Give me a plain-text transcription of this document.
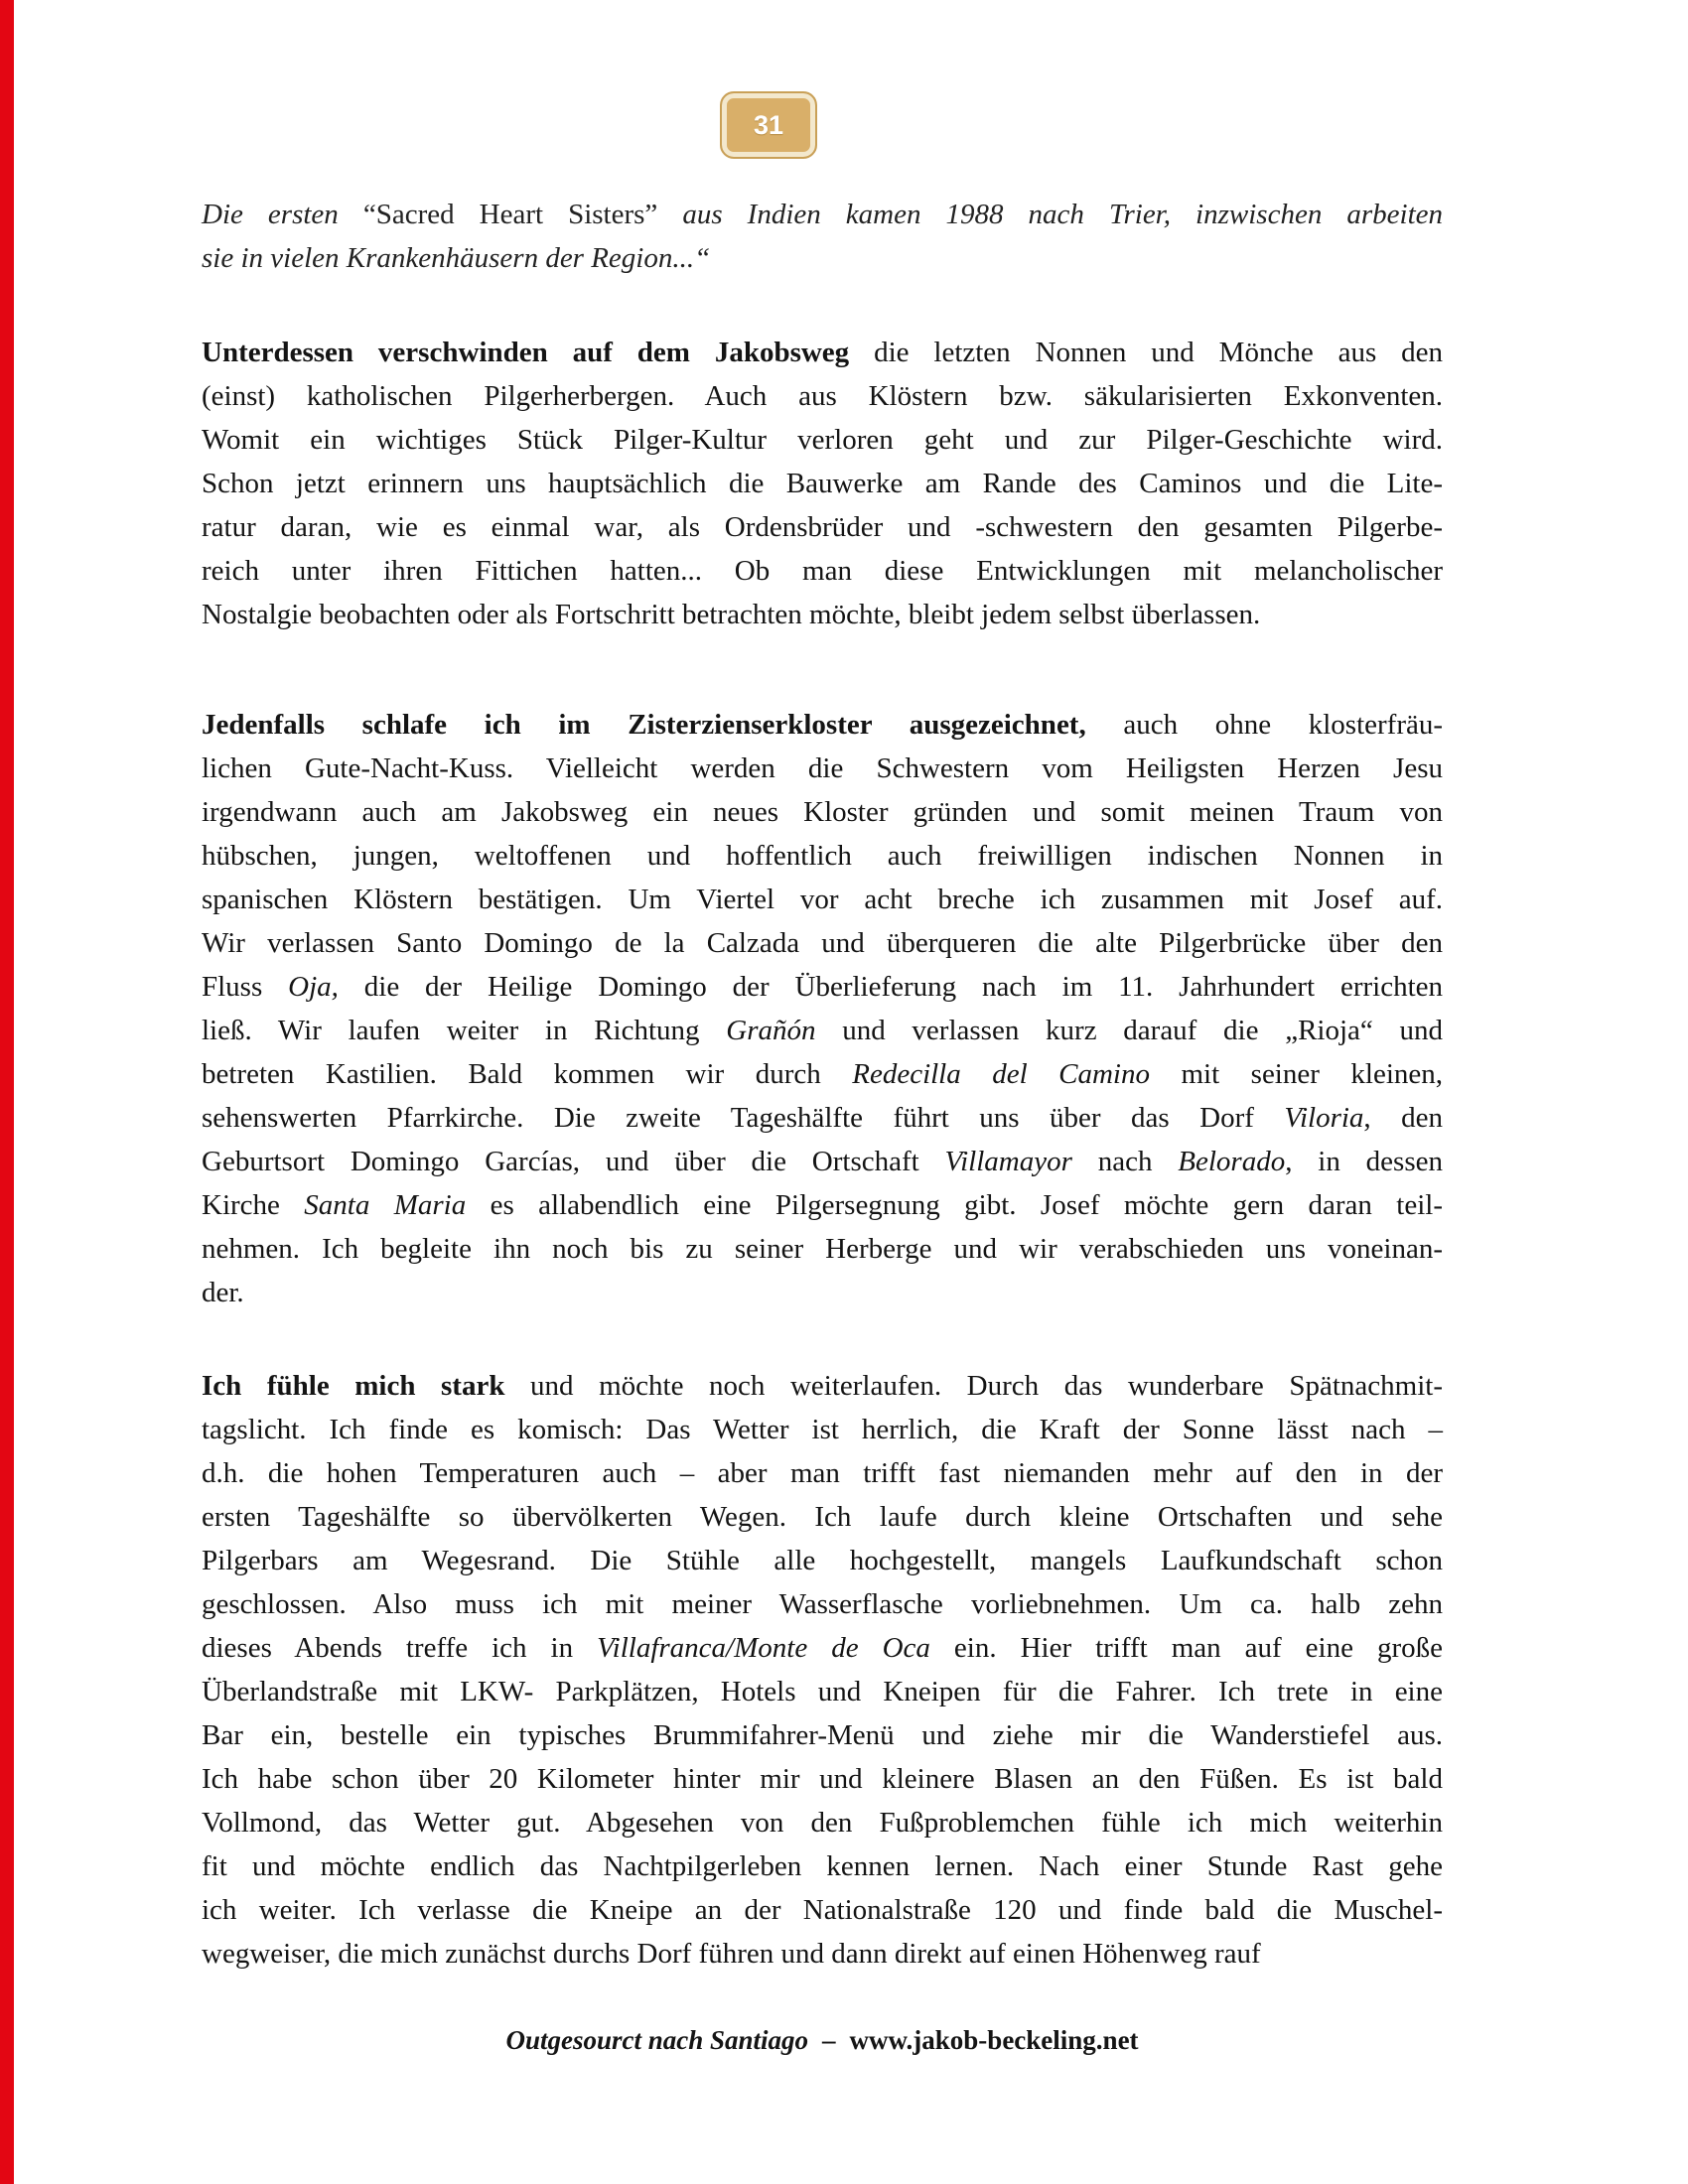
31
Die ersten “Sacred Heart Sisters” aus Indien kamen 1988 nach Trier, inzwischen arbeiten
sie in vielen Krankenhäusern der Region...“
Unterdessen verschwinden auf dem Jakobsweg die letzten Nonnen und Mönche aus den
(einst) katholischen Pilgerherbergen. Auch aus Klöstern bzw. säkularisierten Exkonventen.
Womit ein wichtiges Stück Pilger-Kultur verloren geht und zur Pilger-Geschichte wird.
Schon jetzt erinnern uns hauptsächlich die Bauwerke am Rande des Caminos und die Lite-
ratur daran, wie es einmal war, als Ordensbrüder und -schwestern den gesamten Pilgerbe-
reich unter ihren Fittichen hatten... Ob man diese Entwicklungen mit melancholischer
Nostalgie beobachten oder als Fortschritt betrachten möchte, bleibt jedem selbst überlassen.
Jedenfalls schlafe ich im Zisterzienserkloster ausgezeichnet, auch ohne klosterfräu-
lichen Gute-Nacht-Kuss. Vielleicht werden die Schwestern vom Heiligsten Herzen Jesu
irgendwann auch am Jakobsweg ein neues Kloster gründen und somit meinen Traum von
hübschen, jungen, weltoffenen und hoffentlich auch freiwilligen indischen Nonnen in
spanischen Klöstern bestätigen. Um Viertel vor acht breche ich zusammen mit Josef auf.
Wir verlassen Santo Domingo de la Calzada und überqueren die alte Pilgerbrücke über den
Fluss Oja, die der Heilige Domingo der Überlieferung nach im 11. Jahrhundert errichten
ließ. Wir laufen weiter in Richtung Grañón und verlassen kurz darauf die „Rioja“ und
betreten Kastilien. Bald kommen wir durch Redecilla del Camino mit seiner kleinen,
sehenswerten Pfarrkirche. Die zweite Tageshälfte führt uns über das Dorf Viloria, den
Geburtsort Domingo Garcías, und über die Ortschaft Villamayor nach Belorado, in dessen
Kirche Santa Maria es allabendlich eine Pilgersegnung gibt. Josef möchte gern daran teil-
nehmen. Ich begleite ihn noch bis zu seiner Herberge und wir verabschieden uns voneinan-
der.
Ich fühle mich stark und möchte noch weiterlaufen. Durch das wunderbare Spätnachmit-
tagslicht. Ich finde es komisch: Das Wetter ist herrlich, die Kraft der Sonne lässt nach –
d.h. die hohen Temperaturen auch – aber man trifft fast niemanden mehr auf den in der
ersten Tageshälfte so übervölkerten Wegen. Ich laufe durch kleine Ortschaften und sehe
Pilgerbars am Wegesrand. Die Stühle alle hochgestellt, mangels Laufkundschaft schon
geschlossen. Also muss ich mit meiner Wasserflasche vorliebnehmen. Um ca. halb zehn
dieses Abends treffe ich in Villafranca/Monte de Oca ein. Hier trifft man auf eine große
Überlandstraße mit LKW- Parkplätzen, Hotels und Kneipen für die Fahrer. Ich trete in eine
Bar ein, bestelle ein typisches Brummifahrer-Menü und ziehe mir die Wanderstiefel aus.
Ich habe schon über 20 Kilometer hinter mir und kleinere Blasen an den Füßen. Es ist bald
Vollmond, das Wetter gut. Abgesehen von den Fußproblemchen fühle ich mich weiterhin
fit und möchte endlich das Nachtpilgerleben kennen lernen. Nach einer Stunde Rast gehe
ich weiter. Ich verlasse die Kneipe an der Nationalstraße 120 und finde bald die Muschel-
wegweiser, die mich zunächst durchs Dorf führen und dann direkt auf einen Höhenweg rauf
Outgesourct nach Santiago – www.jakob-beckeling.net
